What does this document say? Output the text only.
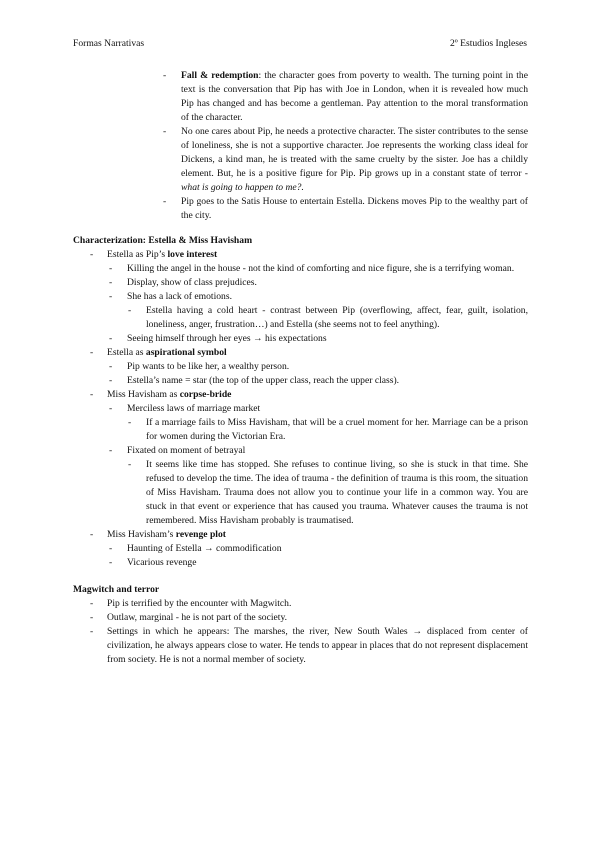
Formas Narrativas	2º Estudios Ingleses
- Fall & redemption: the character goes from poverty to wealth. The turning point in the text is the conversation that Pip has with Joe in London, when it is revealed how much Pip has changed and has become a gentleman. Pay attention to the moral transformation of the character.
- No one cares about Pip, he needs a protective character. The sister contributes to the sense of loneliness, she is not a supportive character. Joe represents the working class ideal for Dickens, a kind man, he is treated with the same cruelty by the sister. Joe has a childly element. But, he is a positive figure for Pip. Pip grows up in a constant state of terror - what is going to happen to me?.
- Pip goes to the Satis House to entertain Estella. Dickens moves Pip to the wealthy part of the city.

Characterization: Estella & Miss Havisham

- Estella as Pip’s love interest
- Killing the angel in the house - not the kind of comforting and nice figure, she is a terrifying woman.
- Display, show of class prejudices.
- She has a lack of emotions.
- Estella having a cold heart - contrast between Pip (overflowing, affect, fear, guilt, isolation, loneliness, anger, frustration…) and Estella (she seems not to feel anything).
- Seeing himself through her eyes → his expectations
- Estella as aspirational symbol
- Pip wants to be like her, a wealthy person.
- Estella’s name = star (the top of the upper class, reach the upper class).
- Miss Havisham as corpse-bride
- Merciless laws of marriage market
- If a marriage fails to Miss Havisham, that will be a cruel moment for her. Marriage can be a prison for women during the Victorian Era.
- Fixated on moment of betrayal
- It seems like time has stopped. She refuses to continue living, so she is stuck in that time. She refused to develop the time. The idea of trauma - the definition of trauma is this room, the situation of Miss Havisham. Trauma does not allow you to continue your life in a common way. You are stuck in that event or experience that has caused you trauma. Whatever causes the trauma is not remembered. Miss Havisham probably is traumatised.
- Miss Havisham’s revenge plot
- Haunting of Estella → commodification
- Vicarious revenge

Magwitch and terror

- Pip is terrified by the encounter with Magwitch.
- Outlaw, marginal - he is not part of the society.
- Settings in which he appears: The marshes, the river, New South Wales → displaced from center of civilization, he always appears close to water. He tends to appear in places that do not represent displacement from society. He is not a normal member of society.
